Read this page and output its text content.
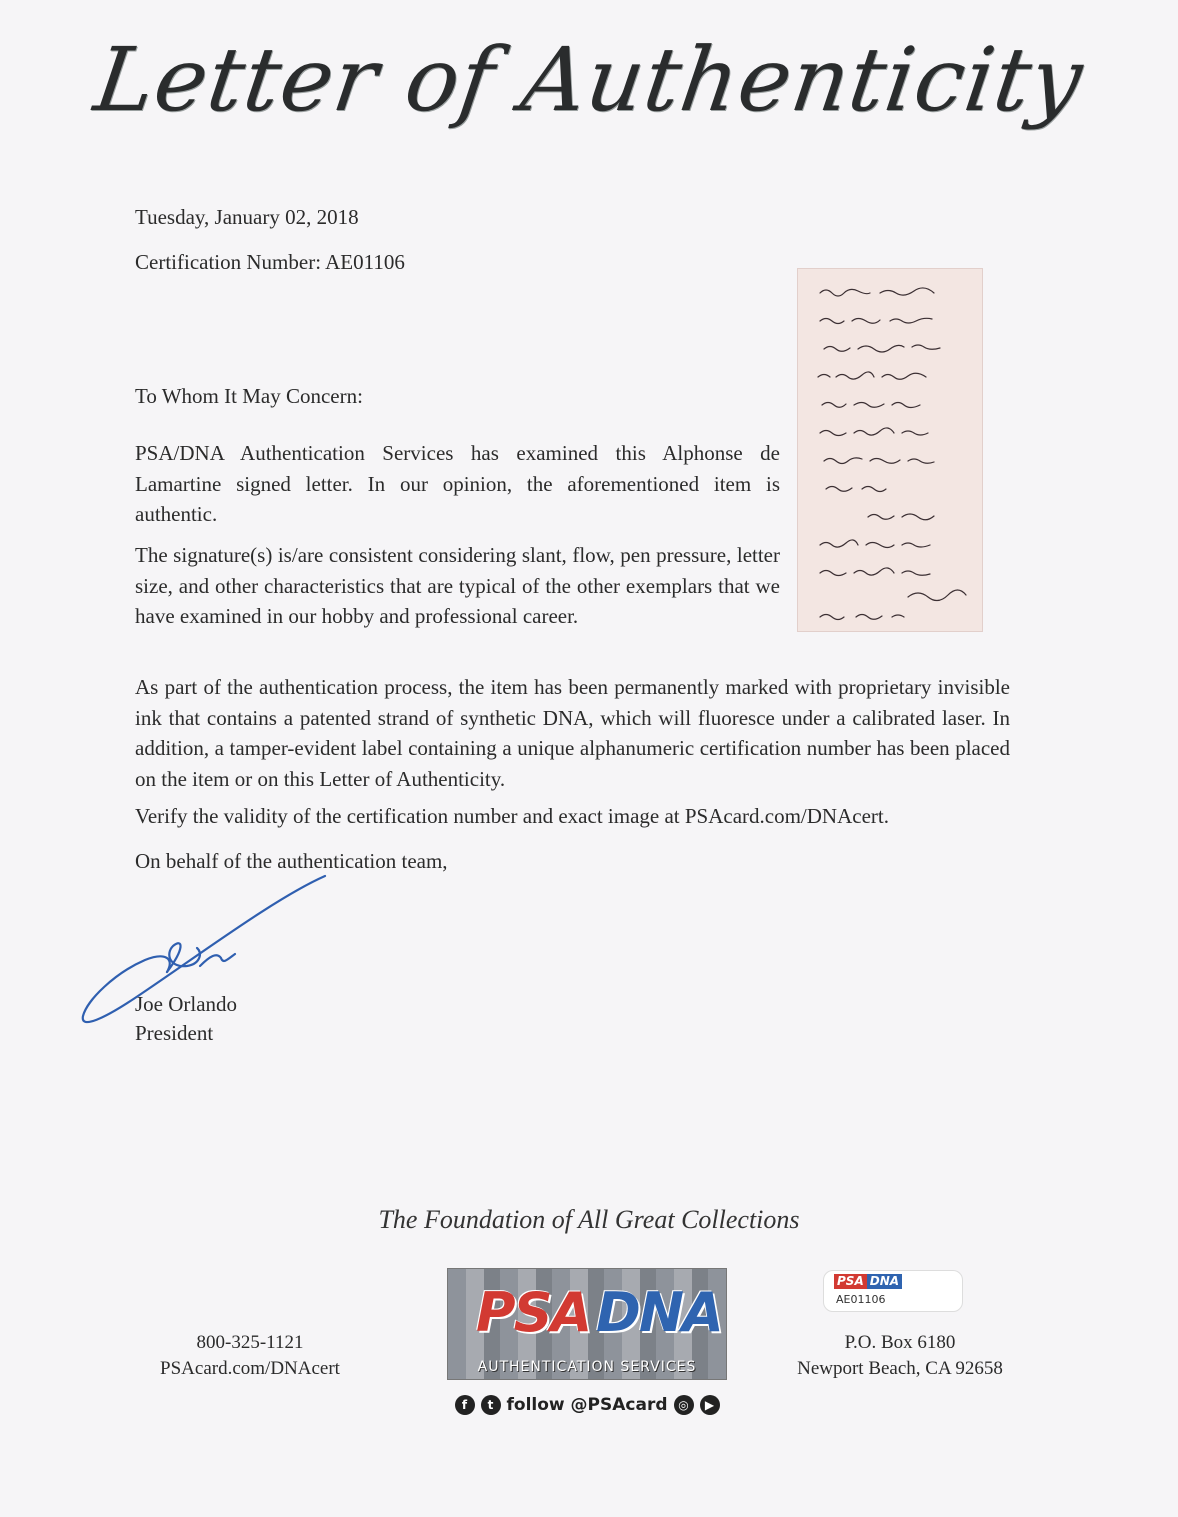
Letter of Authenticity
Tuesday, January 02, 2018
Certification Number: AE01106

To Whom It May Concern:

PSA/DNA Authentication Services has examined this Alphonse de Lamartine signed letter. In our opinion, the aforementioned item is authentic.

The signature(s) is/are consistent considering slant, flow, pen pressure, letter size, and other characteristics that are typical of the other exemplars that we have examined in our hobby and professional career.

As part of the authentication process, the item has been permanently marked with proprietary invisible ink that contains a patented strand of synthetic DNA, which will fluoresce under a calibrated laser. In addition, a tamper-evident label containing a unique alphanumeric certification number has been placed on the item or on this Letter of Authenticity.

Verify the validity of the certification number and exact image at PSAcard.com/DNAcert.

On behalf of the authentication team,

Joe Orlando
President
The Foundation of All Great Collections
800-325-1121
PSAcard.com/DNAcert
PSA DNA
AUTHENTICATION SERVICES
f	t follow @PSAcard ◎	▶
PSA DNA
AE01106
P.O. Box 6180
Newport Beach, CA 92658
